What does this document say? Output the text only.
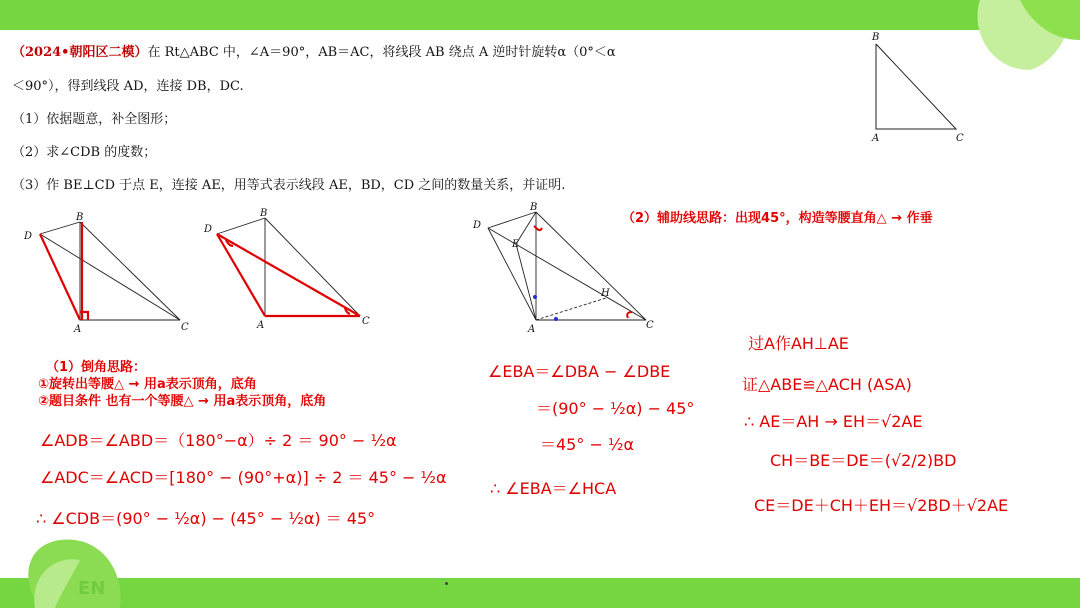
EN
（2024•朝阳区二模）在 Rt△ABC 中，∠A＝90°，AB＝AC，将线段 AB 绕点 A 逆时针旋转α（0°＜α
＜90°），得到线段 AD，连接 DB，DC.
（1）依据题意，补全图形；
（2）求∠CDB 的度数；
（3）作 BE⊥CD 于点 E，连接 AE，用等式表示线段 AE，BD，CD 之间的数量关系，并证明.
B
A	C
B
D
A	C
B
D
A	C
B
D
E
H
A	C
（2）辅助线思路：出现45°，构造等腰直角△ → 作垂
（1）倒角思路：
①旋转出等腰△ → 用a表示顶角，底角
②题目条件 也有一个等腰△ → 用a表示顶角，底角
∠ADB＝∠ABD＝（180°−α）÷ 2 ＝ 90° − ½α
∠ADC＝∠ACD＝[180° − (90°+α)] ÷ 2 ＝ 45° − ½α
∴ ∠CDB＝(90° − ½α) − (45° − ½α) ＝ 45°
∠EBA＝∠DBA − ∠DBE
＝(90° − ½α) − 45°
＝45° − ½α
∴ ∠EBA＝∠HCA
过A作AH⊥AE
证△ABE≌△ACH (ASA)
∴ AE＝AH → EH＝√2AE
CH＝BE＝DE＝(√2/2)BD
CE＝DE＋CH＋EH＝√2BD＋√2AE
